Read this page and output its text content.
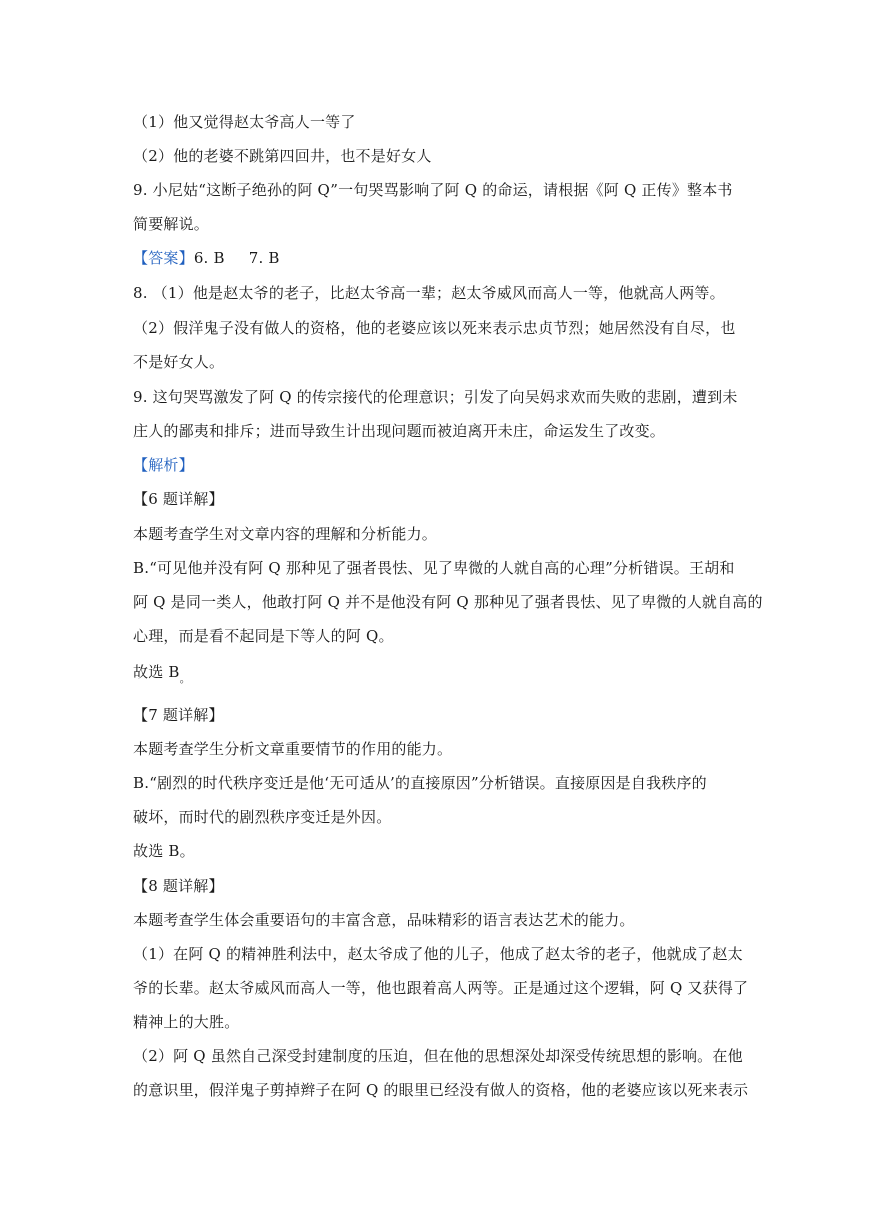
（1）他又觉得赵太爷高人一等了
（2）他的老婆不跳第四回井，也不是好女人
9. 小尼姑“这断子绝孙的阿 Q”一句哭骂影响了阿 Q 的命运，请根据《阿 Q 正传》整本书
简要解说。
【答案】6. B 7. B
8. （1）他是赵太爷的老子，比赵太爷高一辈；赵太爷威风而高人一等，他就高人两等。
（2）假洋鬼子没有做人的资格，他的老婆应该以死来表示忠贞节烈；她居然没有自尽，也
不是好女人。
9. 这句哭骂激发了阿 Q 的传宗接代的伦理意识；引发了向吴妈求欢而失败的悲剧，遭到未
庄人的鄙夷和排斥；进而导致生计出现问题而被迫离开未庄，命运发生了改变。
【解析】
【6 题详解】
本题考查学生对文章内容的理解和分析能力。
B.“可见他并没有阿 Q 那种见了强者畏怯、见了卑微的人就自高的心理”分析错误。王胡和
阿 Q 是同一类人，他敢打阿 Q 并不是他没有阿 Q 那种见了强者畏怯、见了卑微的人就自高的
心理，而是看不起同是下等人的阿 Q。
故选 $B_。$
【7 题详解】
本题考查学生分析文章重要情节的作用的能力。
B.“剧烈的时代秩序变迁是他‘无可适从’的直接原因”分析错误。直接原因是自我秩序的
破坏，而时代的剧烈秩序变迁是外因。
故选 B。
【8 题详解】
本题考查学生体会重要语句的丰富含意，品味精彩的语言表达艺术的能力。
（1）在阿 Q 的精神胜利法中，赵太爷成了他的儿子，他成了赵太爷的老子，他就成了赵太
爷的长辈。赵太爷威风而高人一等，他也跟着高人两等。正是通过这个逻辑，阿 Q 又获得了
精神上的大胜。
（2）阿 Q 虽然自己深受封建制度的压迫，但在他的思想深处却深受传统思想的影响。在他
的意识里，假洋鬼子剪掉辫子在阿 Q 的眼里已经没有做人的资格，他的老婆应该以死来表示
